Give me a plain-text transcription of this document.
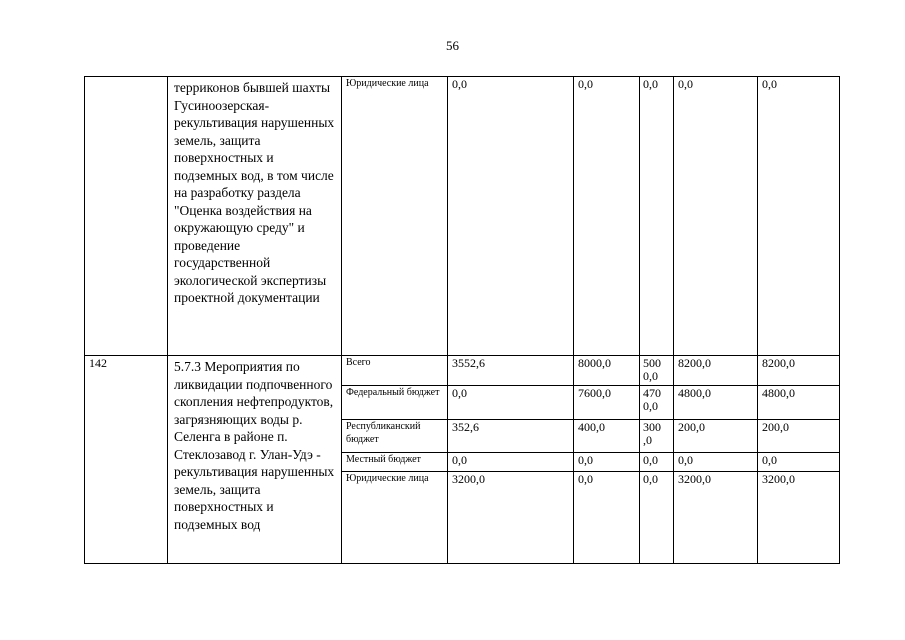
56
	терриконов бывшей шахты Гусиноозерская- рекультивация нарушенных земель, защита поверхностных и подземных вод, в том числе на разработку раздела "Оценка воздействия на окружающую среду" и проведение государственной экологической экспертизы проектной документации	Юридические лица	0,0	0,0	0,0	0,0	0,0
142	5.7.3 Мероприятия по ликвидации подпочвенного скопления нефтепродуктов, загрязняющих воды р. Селенга в районе п. Стеклозавод г. Улан-Удэ - рекультивация нарушенных земель, защита поверхностных и подземных вод	Всего	3552,6	8000,0	500 0,0	8200,0	8200,0
		Федеральный бюджет	0,0	7600,0	470 0,0	4800,0	4800,0
		Республиканский бюджет	352,6	400,0	300 ,0	200,0	200,0
		Местный бюджет	0,0	0,0	0,0	0,0	0,0
		Юридические лица	3200,0	0,0	0,0	3200,0	3200,0
